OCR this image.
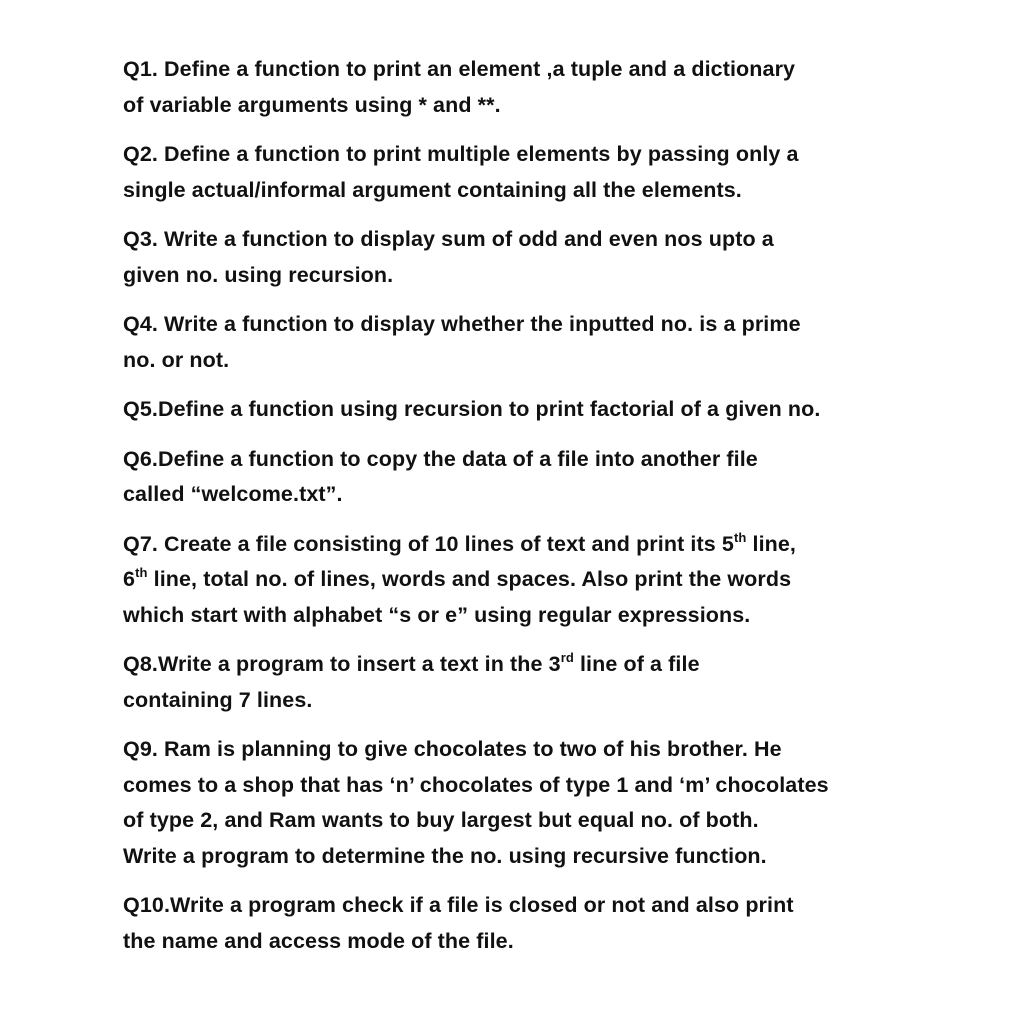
Q1. Define a function to print an element ,a tuple and a dictionary
of variable arguments using * and **.
Q2. Define a function to print multiple elements by passing only a
single actual/informal argument containing all the elements.
Q3. Write a function to display sum of odd and even nos upto a
given no. using recursion.
Q4. Write a function to display whether the inputted no. is a prime
no. or not.
Q5.Define a function using recursion to print factorial of a given no.
Q6.Define a function to copy the data of a file into another file
called “welcome.txt”.
Q7. Create a file consisting of 10 lines of text and print its 5th line,
6th line, total no. of lines, words and spaces. Also print the words
which start with alphabet “s or e” using regular expressions.
Q8.Write a program to insert a text in the 3rd line of a file
containing 7 lines.
Q9. Ram is planning to give chocolates to two of his brother. He
comes to a shop that has ‘n’ chocolates of type 1 and ‘m’ chocolates
of type 2, and Ram wants to buy largest but equal no. of both.
Write a program to determine the no. using recursive function.
Q10.Write a program check if a file is closed or not and also print
the name and access mode of the file.
